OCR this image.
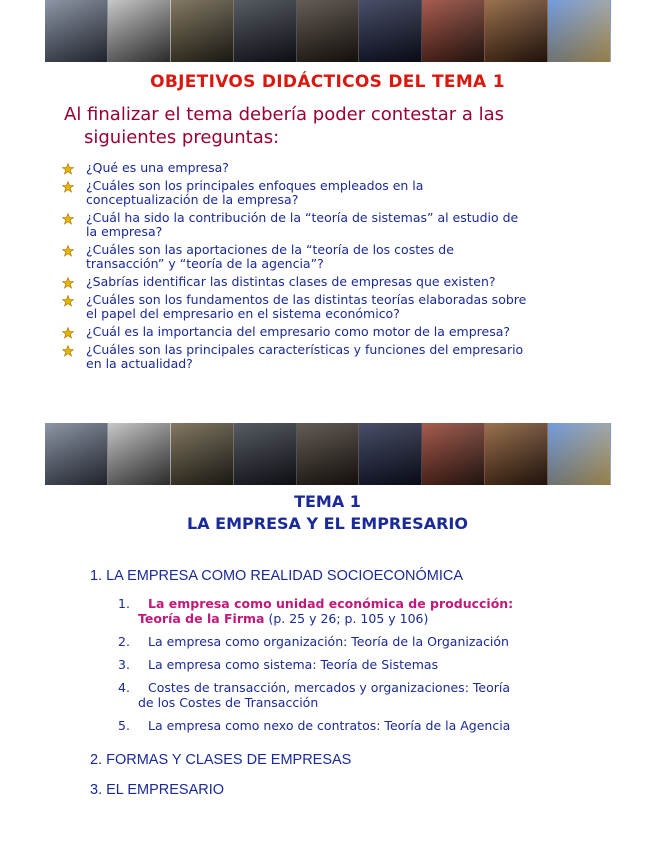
OBJETIVOS DIDÁCTICOS DEL TEMA 1
Al finalizar el tema debería poder contestar a las
siguientes preguntas:
¿Qué es una empresa?
¿Cuáles son los principales enfoques empleados en la
conceptualización de la empresa?
¿Cuál ha sido la contribución de la “teoría de sistemas” al estudio de
la empresa?
¿Cuáles son las aportaciones de la “teoría de los costes de
transacción” y “teoría de la agencia”?
¿Sabrías identificar las distintas clases de empresas que existen?
¿Cuáles son los fundamentos de las distintas teorías elaboradas sobre
el papel del empresario en el sistema económico?
¿Cuál es la importancia del empresario como motor de la empresa?
¿Cuáles son las principales características y funciones del empresario
en la actualidad?
TEMA 1
LA EMPRESA Y EL EMPRESARIO
1. LA EMPRESA COMO REALIDAD SOCIOECONÓMICA
1. La empresa como unidad económica de producción:
Teoría de la Firma (p. 25 y 26; p. 105 y 106)
2. La empresa como organización: Teoría de la Organización
3. La empresa como sistema: Teoría de Sistemas
4. Costes de transacción, mercados y organizaciones: Teoría
de los Costes de Transacción
5. La empresa como nexo de contratos: Teoría de la Agencia
2. FORMAS Y CLASES DE EMPRESAS
3. EL EMPRESARIO
